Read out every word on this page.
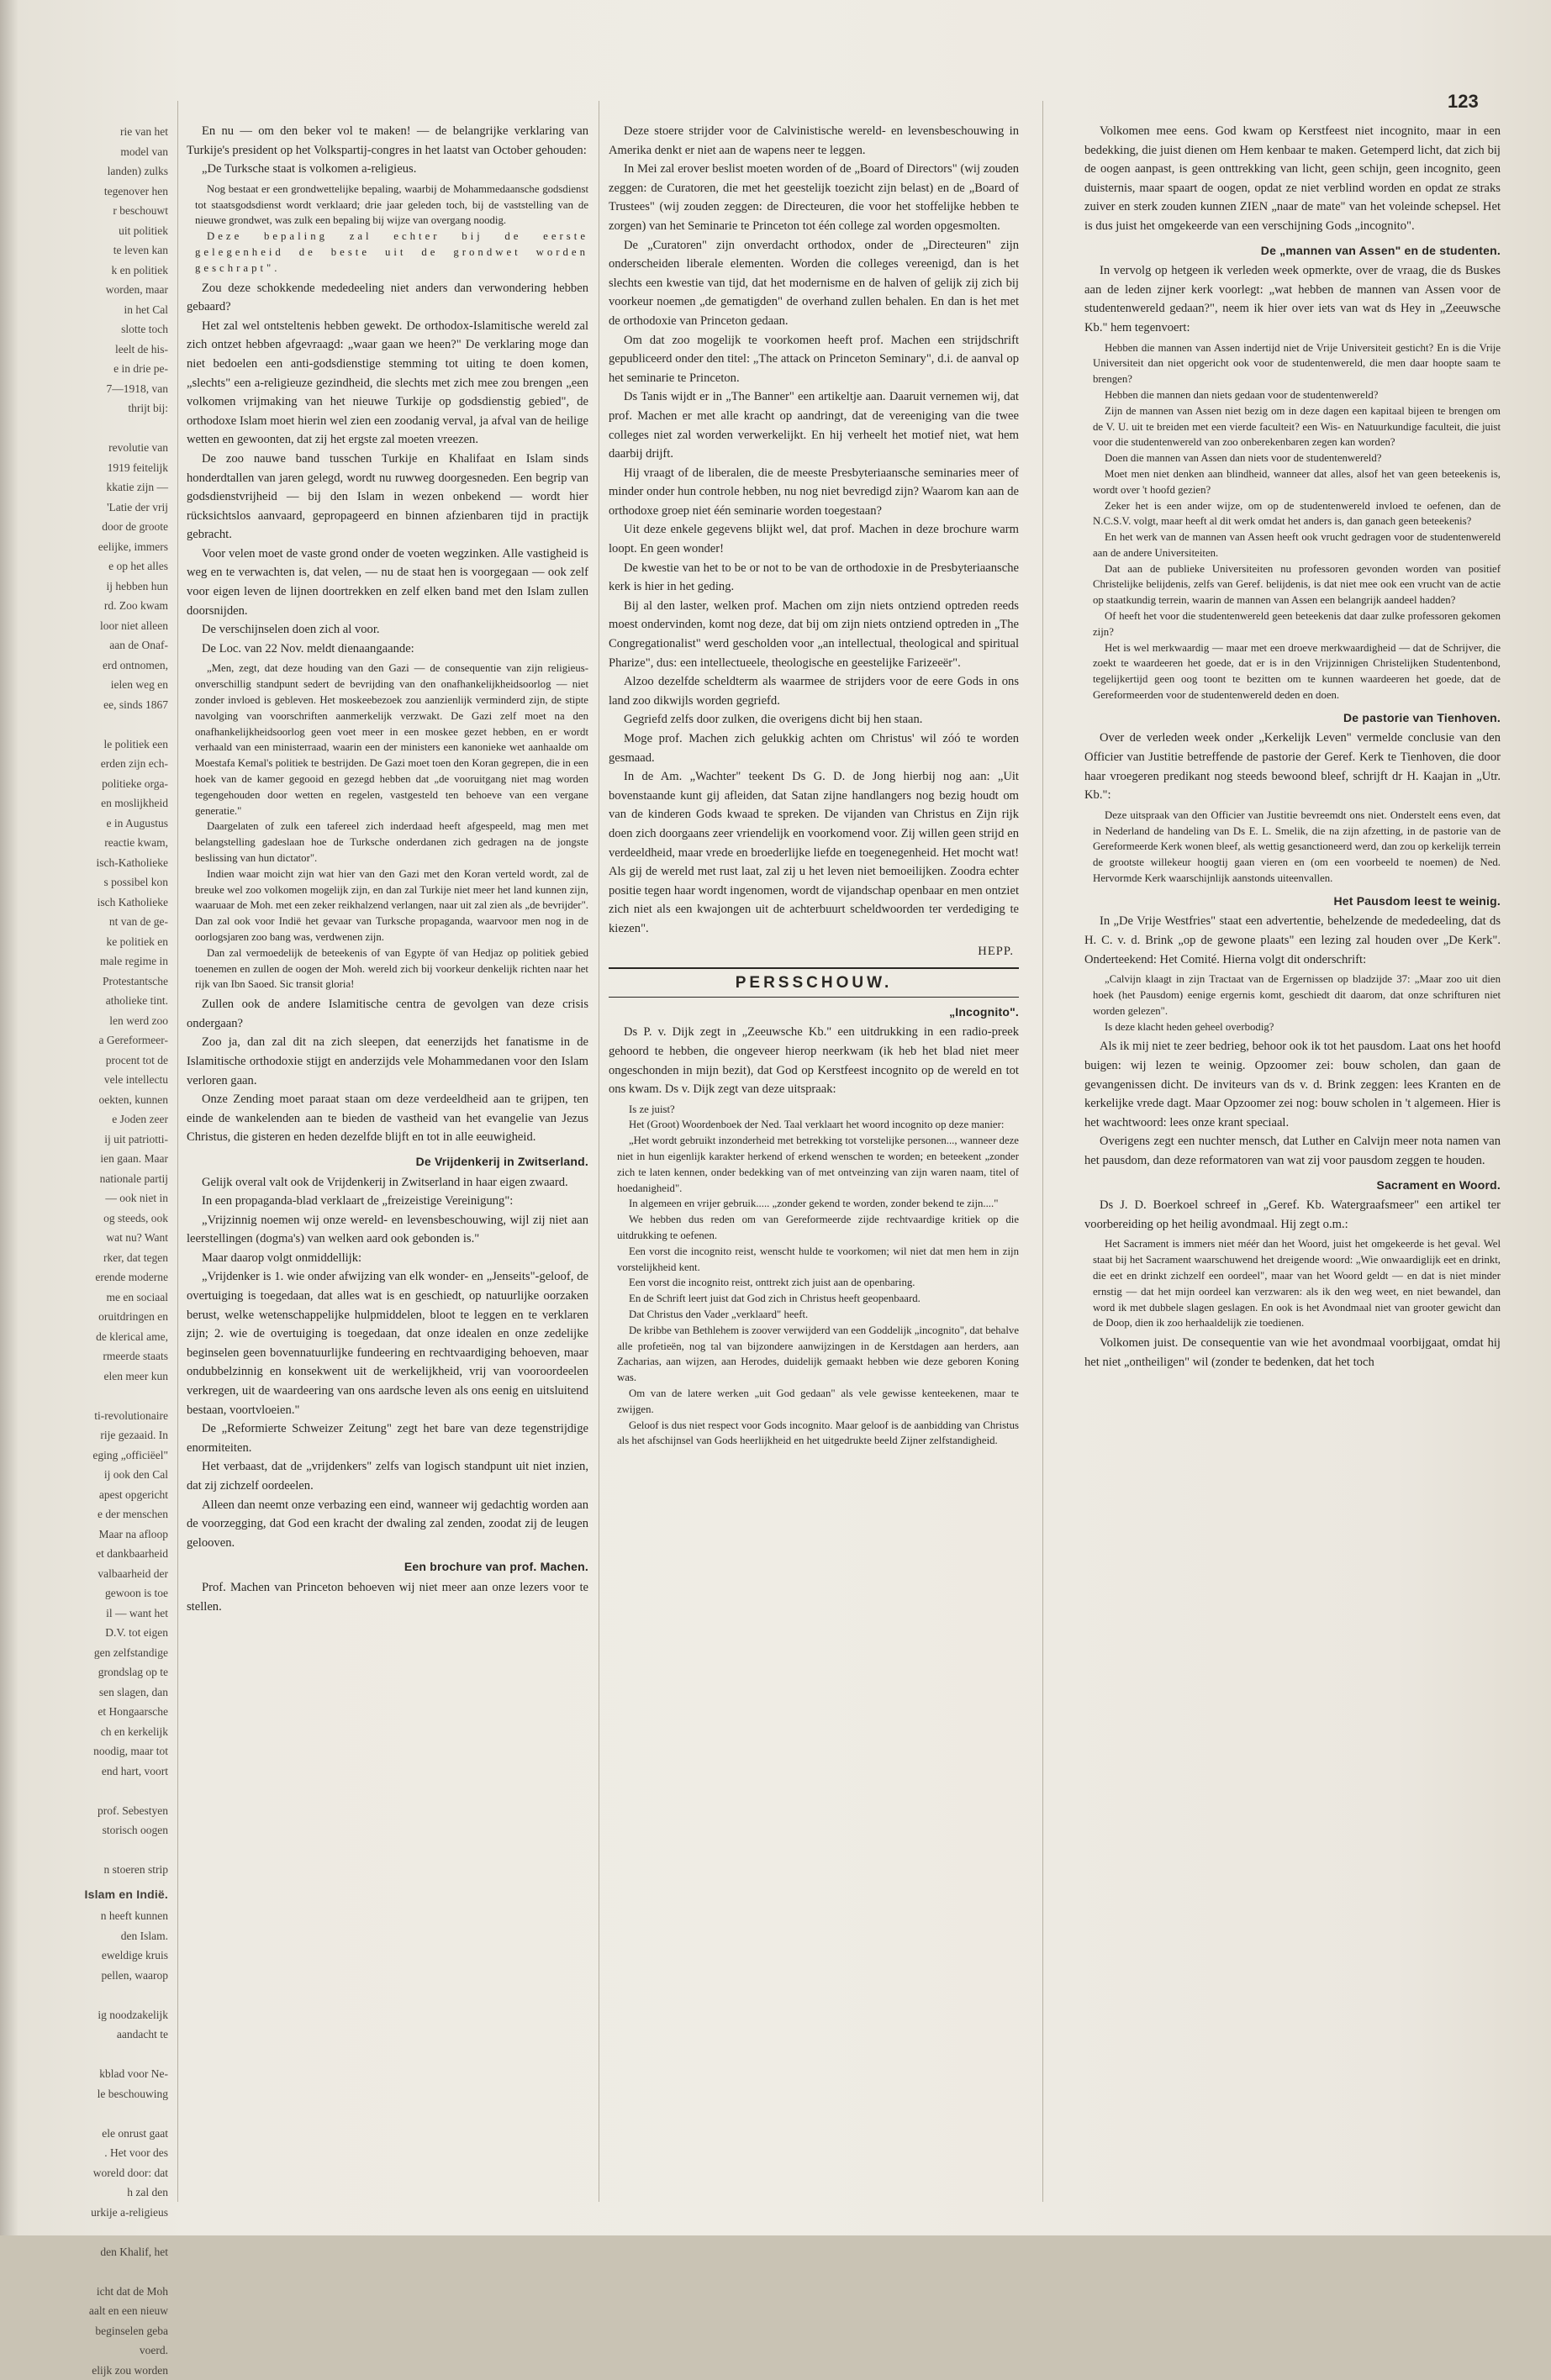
123

rie van het

model van

landen) zulks

tegenover hen

r beschouwt

uit politiek

te leven kan

k en politiek

worden, maar

in het Cal

slotte toch

leelt de his-

e in drie pe-

7—1918, van

thrijt bij:

revolutie van

1919 feitelijk

kkatie zijn —

'Latie der vrij

door de groote

eelijke, immers

e op het alles

ij hebben hun

rd. Zoo kwam

loor niet alleen

aan de Onaf-

erd ontnomen,

ielen weg en

ee, sinds 1867

le politiek een

erden zijn ech-

politieke orga-

en moslijkheid

e in Augustus

reactie kwam,

isch-Katholieke

s possibel kon

isch Katholieke

nt van de ge-

ke politiek en

male regime in

Protestantsche

atholieke tint.

len werd zoo

a Gereformeer-

procent tot de

vele intellectu

oekten, kunnen

e Joden zeer

ij uit patriotti-

ien gaan. Maar

nationale partij

— ook niet in

og steeds, ook

wat nu? Want

rker, dat tegen

erende moderne

me en sociaal

oruitdringen en

de klerical ame,

rmeerde staats

elen meer kun

ti-revolutionaire

rije gezaaid. In

eging „officiëel"

ij ook den Cal

apest opgericht

e der menschen

Maar na afloop

et dankbaarheid

valbaarheid der

gewoon is toe

il — want het

D.V. tot eigen

gen zelfstandige

grondslag op te

sen slagen, dan

et Hongaarsche

ch en kerkelijk

noodig, maar tot

end hart, voort

prof. Sebestyen

storisch oogen

n stoeren strip

Islam en Indië.

n heeft kunnen

den Islam.

eweldige kruis

pellen, waarop

ig noodzakelijk

aandacht te

kblad voor Ne-

le beschouwing

ele onrust gaat

. Het voor des

woreld door: dat

h zal den

urkije a-religieus

den Khalif, het

icht dat de Moh

aalt en een nieuw

beginselen geba

voerd.

elijk zou worden

En nu — om den beker vol te maken! — de belangrijke verklaring van Turkije's president op het Volkspartij-congres in het laatst van October gehouden:

„De Turksche staat is volkomen a-religieus.

Nog bestaat er een grondwettelijke bepaling, waarbij de Mohammedaansche godsdienst tot staatsgodsdienst wordt verklaard; drie jaar geleden toch, bij de vaststelling van de nieuwe grondwet, was zulk een bepaling bij wijze van overgang noodig.

Deze bepaling zal echter bij de eerste gelegenheid de beste uit de grondwet worden geschrapt".

Zou deze schokkende mededeeling niet anders dan verwondering hebben gebaard?

Het zal wel ontsteltenis hebben gewekt. De orthodox-Islamitische wereld zal zich ontzet hebben afgevraagd: „waar gaan we heen?" De verklaring moge dan niet bedoelen een anti-godsdienstige stemming tot uiting te doen komen, „slechts" een a-religieuze gezindheid, die slechts met zich mee zou brengen „een volkomen vrijmaking van het nieuwe Turkije op godsdienstig gebied", de orthodoxe Islam moet hierin wel zien een zoodanig verval, ja afval van de heilige wetten en gewoonten, dat zij het ergste zal moeten vreezen.

De zoo nauwe band tusschen Turkije en Khalifaat en Islam sinds honderdtallen van jaren gelegd, wordt nu ruwweg doorgesneden. Een begrip van godsdienstvrijheid — bij den Islam in wezen onbekend — wordt hier rücksichtslos aanvaard, gepropageerd en binnen afzienbaren tijd in practijk gebracht.

Voor velen moet de vaste grond onder de voeten wegzinken. Alle vastigheid is weg en te verwachten is, dat velen, — nu de staat hen is voorgegaan — ook zelf voor eigen leven de lijnen doortrekken en zelf elken band met den Islam zullen doorsnijden.

De verschijnselen doen zich al voor.

De Loc. van 22 Nov. meldt dienaangaande:

„Men, zegt, dat deze houding van den Gazi — de consequentie van zijn religieus-onverschillig standpunt sedert de bevrijding van den onafhankelijkheidsoorlog — niet zonder invloed is gebleven. Het moskeebezoek zou aanzienlijk verminderd zijn, de stipte navolging van voorschriften aanmerkelijk verzwakt. De Gazi zelf moet na den onafhankelijkheidsoorlog geen voet meer in een moskee gezet hebben, en er wordt verhaald van een ministerraad, waarin een der ministers een kanonieke wet aanhaalde om Moestafa Kemal's politiek te bestrijden. De Gazi moet toen den Koran gegrepen, die in een hoek van de kamer gegooid en gezegd hebben dat „de vooruitgang niet mag worden tegengehouden door wetten en regelen, vastgesteld ten behoeve van een vergane generatie."

Daargelaten of zulk een tafereel zich inderdaad heeft afgespeeld, mag men met belangstelling gadeslaan hoe de Turksche onderdanen zich gedragen na de jongste beslissing van hun dictator".

Indien waar moicht zijn wat hier van den Gazi met den Koran verteld wordt, zal de breuke wel zoo volkomen mogelijk zijn, en dan zal Turkije niet meer het land kunnen zijn, waaruaar de Moh. met een zeker reikhalzend verlangen, naar uit zal zien als „de bevrijder". Dan zal ook voor Indië het gevaar van Turksche propaganda, waarvoor men nog in de oorlogsjaren zoo bang was, verdwenen zijn.

Dan zal vermoedelijk de beteekenis of van Egypte öf van Hedjaz op politiek gebied toenemen en zullen de oogen der Moh. wereld zich bij voorkeur denkelijk richten naar het rijk van Ibn Saoed. Sic transit gloria!

Zullen ook de andere Islamitische centra de gevolgen van deze crisis ondergaan?

Zoo ja, dan zal dit na zich sleepen, dat eenerzijds het fanatisme in de Islamitische orthodoxie stijgt en anderzijds vele Mohammedanen voor den Islam verloren gaan.

Onze Zending moet paraat staan om deze verdeeldheid aan te grijpen, ten einde de wankelenden aan te bieden de vastheid van het evangelie van Jezus Christus, die gisteren en heden dezelfde blijft en tot in alle eeuwigheid.

De Vrijdenkerij in Zwitserland.

Gelijk overal valt ook de Vrijdenkerij in Zwitserland in haar eigen zwaard.

In een propaganda-blad verklaart de „freizeistige Vereinigung":

„Vrijzinnig noemen wij onze wereld- en levensbeschouwing, wijl zij niet aan leerstellingen (dogma's) van welken aard ook gebonden is."

Maar daarop volgt onmiddellijk:

„Vrijdenker is 1. wie onder afwijzing van elk wonder- en „Jenseits"-geloof, de overtuiging is toegedaan, dat alles wat is en geschiedt, op natuurlijke oorzaken berust, welke wetenschappelijke hulpmiddelen, bloot te leggen en te verklaren zijn; 2. wie de overtuiging is toegedaan, dat onze idealen en onze zedelijke beginselen geen bovennatuurlijke fundeering en rechtvaardiging behoeven, maar ondubbelzinnig en konsekwent uit de werkelijkheid, vrij van vooroordeelen verkregen, uit de waardeering van ons aardsche leven als ons eenig en uitsluitend bestaan, voortvloeien."

De „Reformierte Schweizer Zeitung" zegt het bare van deze tegenstrijdige enormiteiten.

Het verbaast, dat de „vrijdenkers" zelfs van logisch standpunt uit niet inzien, dat zij zichzelf oordeelen.

Alleen dan neemt onze verbazing een eind, wanneer wij gedachtig worden aan de voorzegging, dat God een kracht der dwaling zal zenden, zoodat zij de leugen gelooven.

Een brochure van prof. Machen.

Prof. Machen van Princeton behoeven wij niet meer aan onze lezers voor te stellen.

Deze stoere strijder voor de Calvinistische wereld- en levensbeschouwing in Amerika denkt er niet aan de wapens neer te leggen.

In Mei zal erover beslist moeten worden of de „Board of Directors" (wij zouden zeggen: de Curatoren, die met het geestelijk toezicht zijn belast) en de „Board of Trustees" (wij zouden zeggen: de Directeuren, die voor het stoffelijke hebben te zorgen) van het Seminarie te Princeton tot één college zal worden opgesmolten.

De „Curatoren" zijn onverdacht orthodox, onder de „Directeuren" zijn onderscheiden liberale elementen. Worden die colleges vereenigd, dan is het slechts een kwestie van tijd, dat het modernisme en de halven of gelijk zij zich bij voorkeur noemen „de gematigden" de overhand zullen behalen. En dan is het met de orthodoxie van Princeton gedaan.

Om dat zoo mogelijk te voorkomen heeft prof. Machen een strijdschrift gepubliceerd onder den titel: „The attack on Princeton Seminary", d.i. de aanval op het seminarie te Princeton.

Ds Tanis wijdt er in „The Banner" een artikeltje aan. Daaruit vernemen wij, dat prof. Machen er met alle kracht op aandringt, dat de vereeniging van die twee colleges niet zal worden verwerkelijkt. En hij verheelt het motief niet, wat hem daarbij drijft.

Hij vraagt of de liberalen, die de meeste Presbyteriaansche seminaries meer of minder onder hun controle hebben, nu nog niet bevredigd zijn? Waarom kan aan de orthodoxe groep niet één seminarie worden toegestaan?

Uit deze enkele gegevens blijkt wel, dat prof. Machen in deze brochure warm loopt. En geen wonder!

De kwestie van het to be or not to be van de orthodoxie in de Presbyteriaansche kerk is hier in het geding.

Bij al den laster, welken prof. Machen om zijn niets ontziend optreden reeds moest ondervinden, komt nog deze, dat bij om zijn niets ontziend optreden in „The Congregationalist" werd gescholden voor „an intellectual, theological and spiritual Pharize", dus: een intellectueele, theologische en geestelijke Farizeeër".

Alzoo dezelfde scheldterm als waarmee de strijders voor de eere Gods in ons land zoo dikwijls worden gegriefd.

Gegriefd zelfs door zulken, die overigens dicht bij hen staan.

Moge prof. Machen zich gelukkig achten om Christus' wil zóó te worden gesmaad.

In de Am. „Wachter" teekent Ds G. D. de Jong hierbij nog aan: „Uit bovenstaande kunt gij afleiden, dat Satan zijne handlangers nog bezig houdt om van de kinderen Gods kwaad te spreken. De vijanden van Christus en Zijn rijk doen zich doorgaans zeer vriendelijk en voorkomend voor. Zij willen geen strijd en verdeeldheid, maar vrede en broederlijke liefde en toegenegenheid. Het mocht wat! Als gij de wereld met rust laat, zal zij u het leven niet bemoeilijken. Zoodra echter positie tegen haar wordt ingenomen, wordt de vijandschap openbaar en men ontziet zich niet als een kwajongen uit de achterbuurt scheldwoorden ter verdediging te kiezen".

HEPP.
PERSSCHOUW.
„Incognito".

Ds P. v. Dijk zegt in „Zeeuwsche Kb." een uitdrukking in een radio-preek gehoord te hebben, die ongeveer hierop neerkwam (ik heb het blad niet meer ongeschonden in mijn bezit), dat God op Kerstfeest incognito op de wereld en tot ons kwam. Ds v. Dijk zegt van deze uitspraak:

Is ze juist?

Het (Groot) Woordenboek der Ned. Taal verklaart het woord incognito op deze manier:

„Het wordt gebruikt inzonderheid met betrekking tot vorstelijke personen..., wanneer deze niet in hun eigenlijk karakter herkend of erkend wenschen te worden; en beteekent „zonder zich te laten kennen, onder bedekking van of met ontveinzing van zijn waren naam, titel of hoedanigheid".

In algemeen en vrijer gebruik..... „zonder gekend te worden, zonder bekend te zijn...."

We hebben dus reden om van Gereformeerde zijde rechtvaardige kritiek op die uitdrukking te oefenen.

Een vorst die incognito reist, wenscht hulde te voorkomen; wil niet dat men hem in zijn vorstelijkheid kent.

Een vorst die incognito reist, onttrekt zich juist aan de openbaring.

En de Schrift leert juist dat God zich in Christus heeft geopenbaard.

Dat Christus den Vader „verklaard" heeft.

De kribbe van Bethlehem is zoover verwijderd van een Goddelijk „incognito", dat behalve alle profetieën, nog tal van bijzondere aanwijzingen in de Kerstdagen aan herders, aan Zacharias, aan wijzen, aan Herodes, duidelijk gemaakt hebben wie deze geboren Koning was.

Om van de latere werken „uit God gedaan" als vele gewisse kenteekenen, maar te zwijgen.

Geloof is dus niet respect voor Gods incognito. Maar geloof is de aanbidding van Christus als het afschijnsel van Gods heerlijkheid en het uitgedrukte beeld Zijner zelfstandigheid.

Volkomen mee eens. God kwam op Kerstfeest niet incognito, maar in een bedekking, die juist dienen om Hem kenbaar te maken. Getemperd licht, dat zich bij de oogen aanpast, is geen onttrekking van licht, geen schijn, geen incognito, geen duisternis, maar spaart de oogen, opdat ze niet verblind worden en opdat ze straks zuiver en sterk zouden kunnen ZIEN „naar de mate" van het voleinde schepsel. Het is dus juist het omgekeerde van een verschijning Gods „incognito".

De „mannen van Assen" en de studenten.

In vervolg op hetgeen ik verleden week opmerkte, over de vraag, die ds Buskes aan de leden zijner kerk voorlegt: „wat hebben de mannen van Assen voor de studentenwereld gedaan?", neem ik hier over iets van wat ds Hey in „Zeeuwsche Kb." hem tegenvoert:

Hebben die mannen van Assen indertijd niet de Vrije Universiteit gesticht? En is die Vrije Universiteit dan niet opgericht ook voor de studentenwereld, die men daar hoopte saam te brengen?

Hebben die mannen dan niets gedaan voor de studentenwereld?

Zijn de mannen van Assen niet bezig om in deze dagen een kapitaal bijeen te brengen om de V. U. uit te breiden met een vierde faculteit? een Wis- en Natuurkundige faculteit, die juist voor die studentenwereld van zoo onberekenbaren zegen kan worden?

Doen die mannen van Assen dan niets voor de studentenwereld?

Moet men niet denken aan blindheid, wanneer dat alles, alsof het van geen beteekenis is, wordt over 't hoofd gezien?

Zeker het is een ander wijze, om op de studentenwereld invloed te oefenen, dan de N.C.S.V. volgt, maar heeft al dit werk omdat het anders is, dan ganach geen beteekenis?

En het werk van de mannen van Assen heeft ook vrucht gedragen voor de studentenwereld aan de andere Universiteiten.

Dat aan de publieke Universiteiten nu professoren gevonden worden van positief Christelijke belijdenis, zelfs van Geref. belijdenis, is dat niet mee ook een vrucht van de actie op staatkundig terrein, waarin de mannen van Assen een belangrijk aandeel hadden?

Of heeft het voor die studentenwereld geen beteekenis dat daar zulke professoren gekomen zijn?

Het is wel merkwaardig — maar met een droeve merkwaardigheid — dat de Schrijver, die zoekt te waardeeren het goede, dat er is in den Vrijzinnigen Christelijken Studentenbond, tegelijkertijd geen oog toont te bezitten om te kunnen waardeeren het goede, dat de Gereformeerden voor de studentenwereld deden en doen.

De pastorie van Tienhoven.

Over de verleden week onder „Kerkelijk Leven" vermelde conclusie van den Officier van Justitie betreffende de pastorie der Geref. Kerk te Tienhoven, die door haar vroegeren predikant nog steeds bewoond bleef, schrijft dr H. Kaajan in „Utr. Kb.":

Deze uitspraak van den Officier van Justitie bevreemdt ons niet. Onderstelt eens even, dat in Nederland de handeling van Ds E. L. Smelik, die na zijn afzetting, in de pastorie van de Gereformeerde Kerk wonen bleef, als wettig gesanctioneerd werd, dan zou op kerkelijk terrein de grootste willekeur hoogtij gaan vieren en (om een voorbeeld te noemen) de Ned. Hervormde Kerk waarschijnlijk aanstonds uiteenvallen.

Het Pausdom leest te weinig.

In „De Vrije Westfries" staat een advertentie, behelzende de mededeeling, dat ds H. C. v. d. Brink „op de gewone plaats" een lezing zal houden over „De Kerk". Onderteekend: Het Comité. Hierna volgt dit onderschrift:

„Calvijn klaagt in zijn Tractaat van de Ergernissen op bladzijde 37: „Maar zoo uit dien hoek (het Pausdom) eenige ergernis komt, geschiedt dit daarom, dat onze schrifturen niet worden gelezen".

Is deze klacht heden geheel overbodig?

Als ik mij niet te zeer bedrieg, behoor ook ik tot het pausdom. Laat ons het hoofd buigen: wij lezen te weinig. Opzoomer zei: bouw scholen, dan gaan de gevangenissen dicht. De inviteurs van ds v. d. Brink zeggen: lees Kranten en de kerkelijke vrede dagt. Maar Opzoomer zei nog: bouw scholen in 't algemeen. Hier is het wachtwoord: lees onze krant speciaal.

Overigens zegt een nuchter mensch, dat Luther en Calvijn meer nota namen van het pausdom, dan deze reformatoren van wat zij voor pausdom zeggen te houden.

Sacrament en Woord.

Ds J. D. Boerkoel schreef in „Geref. Kb. Watergraafsmeer" een artikel ter voorbereiding op het heilig avondmaal. Hij zegt o.m.:

Het Sacrament is immers niet méér dan het Woord, juist het omgekeerde is het geval. Wel staat bij het Sacrament waarschuwend het dreigende woord: „Wie onwaardiglijk eet en drinkt, die eet en drinkt zichzelf een oordeel", maar van het Woord geldt — en dat is niet minder ernstig — dat het mijn oordeel kan verzwaren: als ik den weg weet, en niet bewandel, dan word ik met dubbele slagen geslagen. En ook is het Avondmaal niet van grooter gewicht dan de Doop, dien ik zoo herhaaldelijk zie toedienen.

Volkomen juist. De consequentie van wie het avondmaal voorbijgaat, omdat hij het niet „ontheiligen" wil (zonder te bedenken, dat het toch
